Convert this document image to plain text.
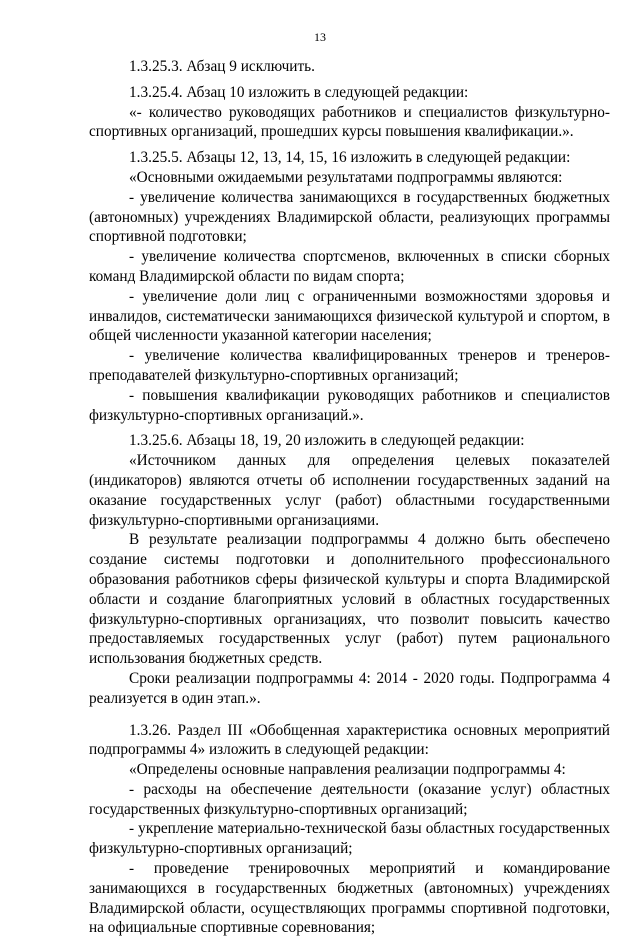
13

1.3.25.3. Абзац 9 исключить.

1.3.25.4. Абзац 10 изложить в следующей редакции:

«- количество руководящих работников и специалистов физкультурно-спортивных организаций, прошедших курсы повышения квалификации.».

1.3.25.5. Абзацы 12, 13, 14, 15, 16 изложить в следующей редакции:

«Основными ожидаемыми результатами подпрограммы являются:

- увеличение количества занимающихся в государственных бюджетных (автономных) учреждениях Владимирской области, реализующих программы спортивной подготовки;

- увеличение количества спортсменов, включенных в списки сборных команд Владимирской области по видам спорта;

- увеличение доли лиц с ограниченными возможностями здоровья и инвалидов, систематически занимающихся физической культурой и спортом, в общей численности указанной категории населения;

- увеличение количества квалифицированных тренеров и тренеров-преподавателей физкультурно-спортивных организаций;

- повышения квалификации руководящих работников и специалистов физкультурно-спортивных организаций.».

1.3.25.6. Абзацы 18, 19, 20 изложить в следующей редакции:

«Источником данных для определения целевых показателей (индикаторов) являются отчеты об исполнении государственных заданий на оказание государственных услуг (работ) областными государственными физкультурно-спортивными организациями.

В результате реализации подпрограммы 4 должно быть обеспечено создание системы подготовки и дополнительного профессионального образования работников сферы физической культуры и спорта Владимирской области и создание благоприятных условий в областных государственных физкультурно-спортивных организациях, что позволит повысить качество предоставляемых государственных услуг (работ) путем рационального использования бюджетных средств.

Сроки реализации подпрограммы 4: 2014 - 2020 годы. Подпрограмма 4 реализуется в один этап.».

1.3.26. Раздел III «Обобщенная характеристика основных мероприятий подпрограммы 4» изложить в следующей редакции:

«Определены основные направления реализации подпрограммы 4:

- расходы на обеспечение деятельности (оказание услуг) областных государственных физкультурно-спортивных организаций;

- укрепление материально-технической базы областных государственных физкультурно-спортивных организаций;

- проведение тренировочных мероприятий и командирование занимающихся в государственных бюджетных (автономных) учреждениях Владимирской области, осуществляющих программы спортивной подготовки, на официальные спортивные соревнования;
